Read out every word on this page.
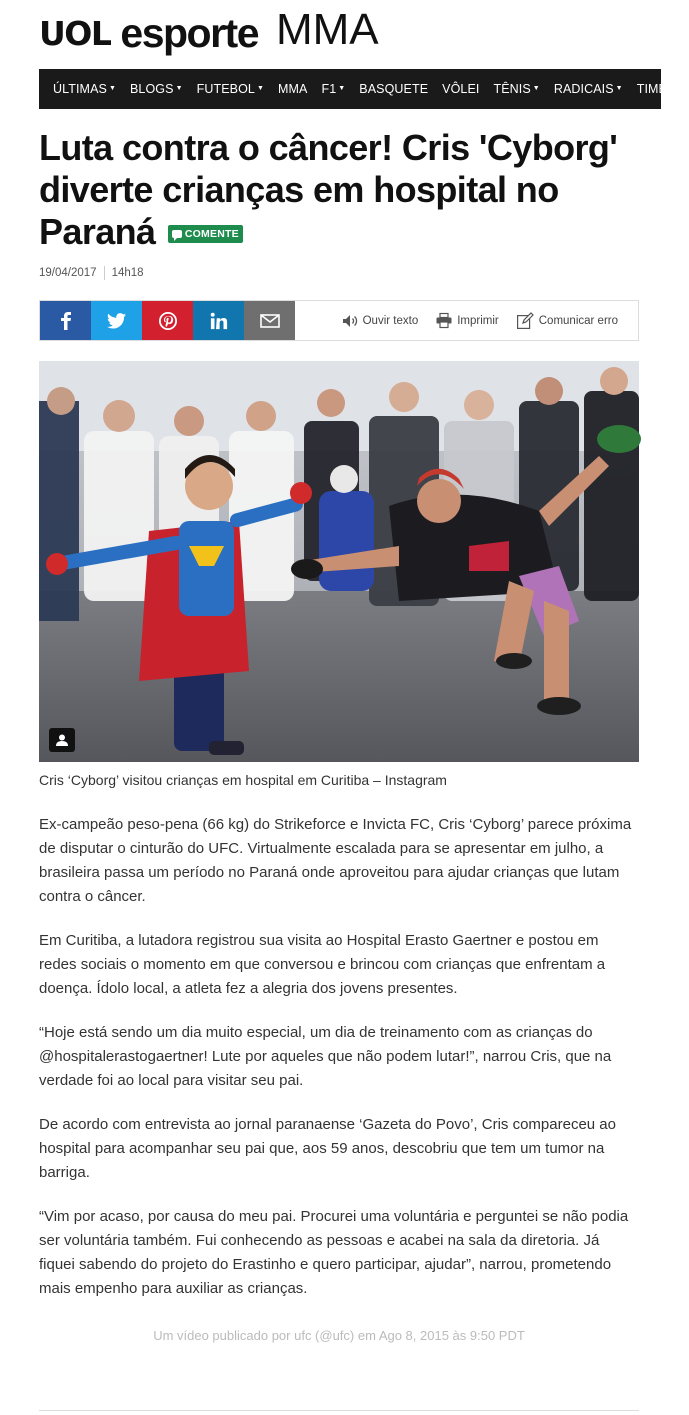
UOL esporte MMA
ÚLTIMAS ▼ BLOGS ▼ FUTEBOL ▼ MMA F1 ▼ BASQUETE VÔLEI TÊNIS ▼ RADICAIS ▼ TIME DO
Luta contra o câncer! Cris 'Cyborg' diverte crianças em hospital no Paraná	COMENTE
19/04/2017 14h18
Ouvir texto	Imprimir	Comunicar erro
Cris ‘Cyborg’ visitou crianças em hospital em Curitiba – Instagram

Ex-campeão peso-pena (66 kg) do Strikeforce e Invicta FC, Cris ‘Cyborg’ parece próxima de disputar o cinturão do UFC. Virtualmente escalada para se apresentar em julho, a brasileira passa um período no Paraná onde aproveitou para ajudar crianças que lutam contra o câncer.

Em Curitiba, a lutadora registrou sua visita ao Hospital Erasto Gaertner e postou em redes sociais o momento em que conversou e brincou com crianças que enfrentam a doença. Ídolo local, a atleta fez a alegria dos jovens presentes.

“Hoje está sendo um dia muito especial, um dia de treinamento com as crianças do @hospitalerastogaertner! Lute por aqueles que não podem lutar!”, narrou Cris, que na verdade foi ao local para visitar seu pai.

De acordo com entrevista ao jornal paranaense ‘Gazeta do Povo’, Cris compareceu ao hospital para acompanhar seu pai que, aos 59 anos, descobriu que tem um tumor na barriga.

“Vim por acaso, por causa do meu pai. Procurei uma voluntária e perguntei se não podia ser voluntária também. Fui conhecendo as pessoas e acabei na sala da diretoria. Já fiquei sabendo do projeto do Erastinho e quero participar, ajudar”, narrou, prometendo mais empenho para auxiliar as crianças.

Um vídeo publicado por ufc (@ufc) em Ago 8, 2015 às 9:50 PDT
